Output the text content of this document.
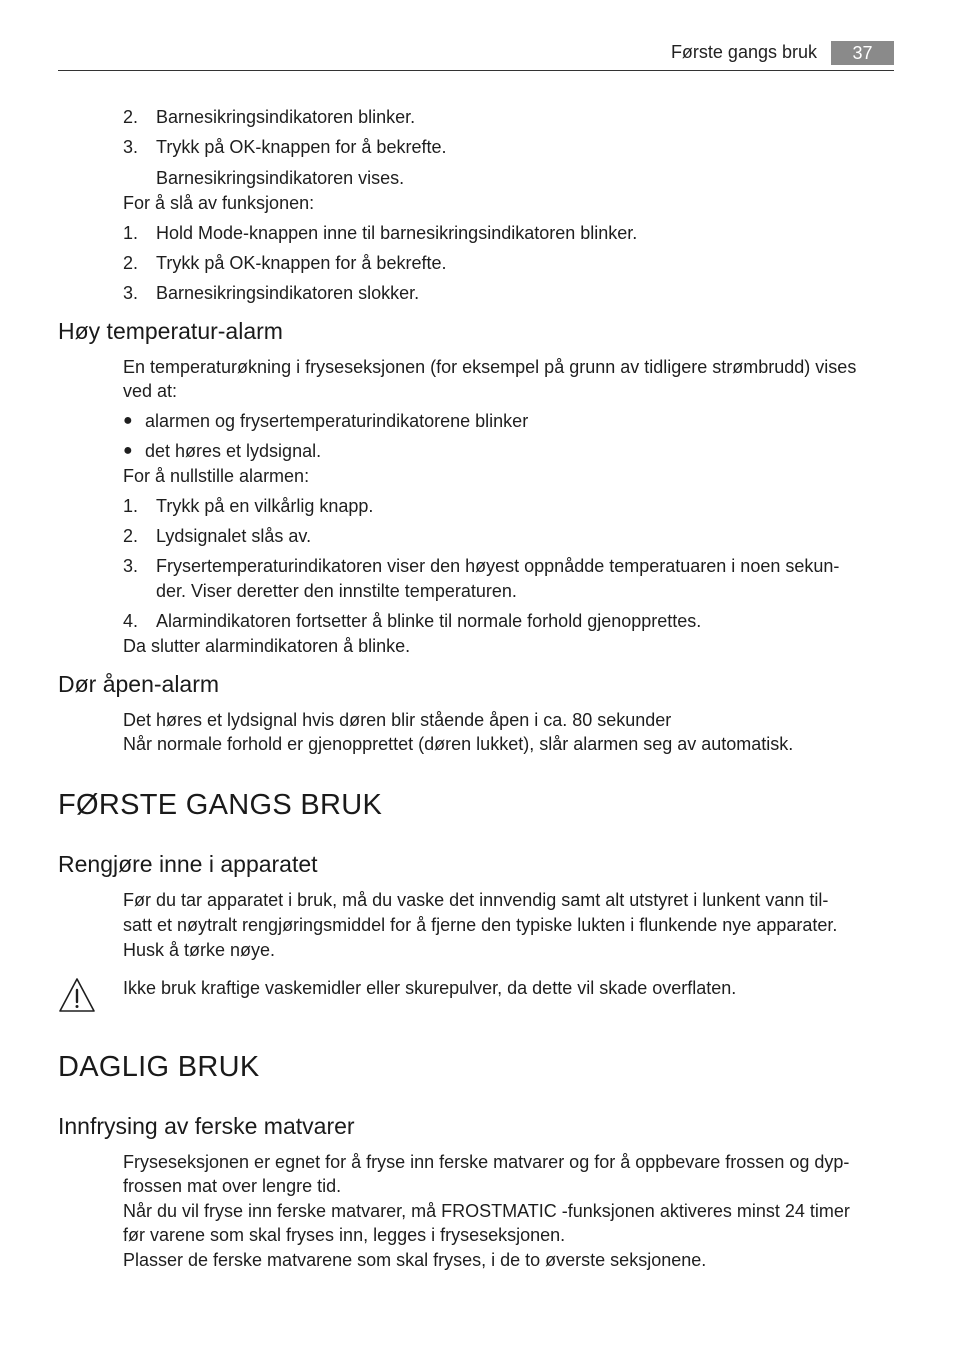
Første gangs bruk	37
2. Barnesikringsindikatoren blinker.
3. Trykk på OK-knappen for å bekrefte.
Barnesikringsindikatoren vises.
For å slå av funksjonen:
1. Hold Mode-knappen inne til barnesikringsindikatoren blinker.
2. Trykk på OK-knappen for å bekrefte.
3. Barnesikringsindikatoren slokker.
Høy temperatur-alarm
En temperaturøkning i fryseseksjonen (for eksempel på grunn av tidligere strømbrudd) vises
ved at:
● alarmen og frysertemperaturindikatorene blinker
● det høres et lydsignal.
For å nullstille alarmen:
1. Trykk på en vilkårlig knapp.
2. Lydsignalet slås av.
3. Frysertemperaturindikatoren viser den høyest oppnådde temperatuaren i noen sekun-
der. Viser deretter den innstilte temperaturen.
4. Alarmindikatoren fortsetter å blinke til normale forhold gjenopprettes.
Da slutter alarmindikatoren å blinke.
Dør åpen-alarm
Det høres et lydsignal hvis døren blir stående åpen i ca. 80 sekunder
Når normale forhold er gjenopprettet (døren lukket), slår alarmen seg av automatisk.
FØRSTE GANGS BRUK
Rengjøre inne i apparatet
Før du tar apparatet i bruk, må du vaske det innvendig samt alt utstyret i lunkent vann til-
satt et nøytralt rengjøringsmiddel for å fjerne den typiske lukten i flunkende nye apparater.
Husk å tørke nøye.
Ikke bruk kraftige vaskemidler eller skurepulver, da dette vil skade overflaten.
DAGLIG BRUK
Innfrysing av ferske matvarer
Fryseseksjonen er egnet for å fryse inn ferske matvarer og for å oppbevare frossen og dyp-
frossen mat over lengre tid.
Når du vil fryse inn ferske matvarer, må FROSTMATIC -funksjonen aktiveres minst 24 timer
før varene som skal fryses inn, legges i fryseseksjonen.
Plasser de ferske matvarene som skal fryses, i de to øverste seksjonene.
